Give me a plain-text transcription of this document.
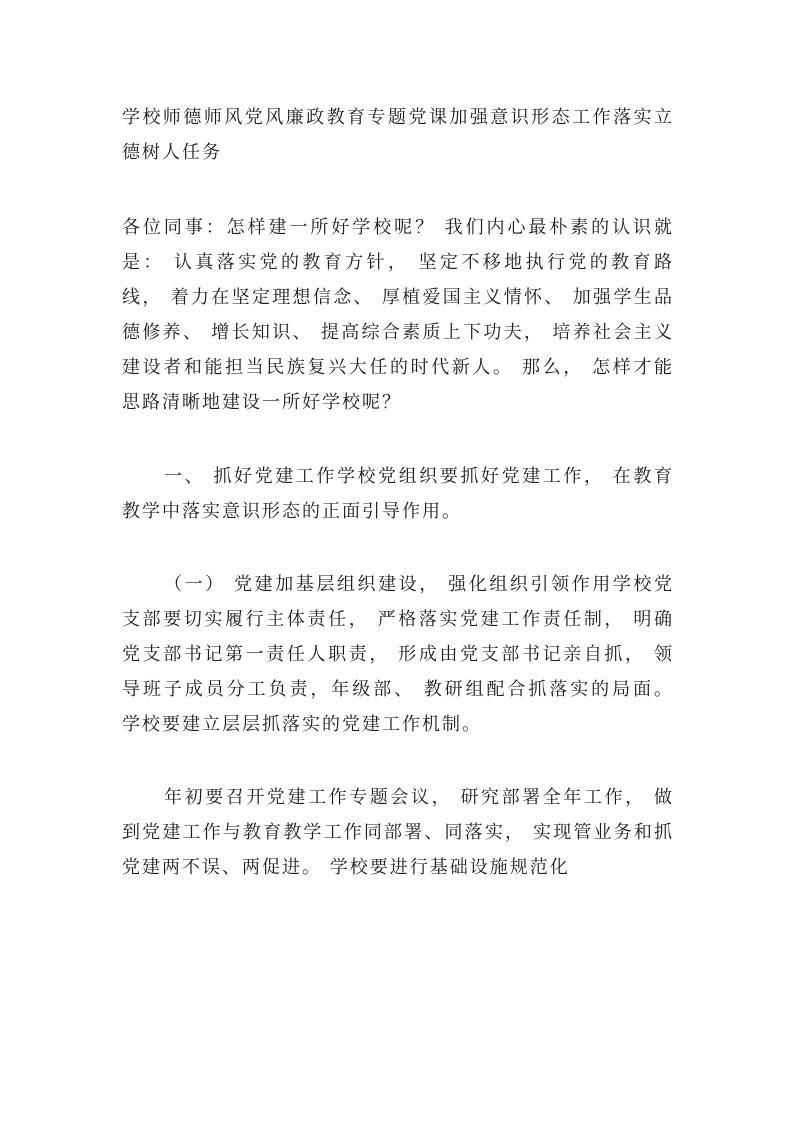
学校师德师风党风廉政教育专题党课加强意识形态工作落实立德树人任务

各位同事：怎样建一所好学校呢？ 我们内心最朴素的认识就是： 认真落实党的教育方针， 坚定不移地执行党的教育路线， 着力在坚定理想信念、 厚植爱国主义情怀、 加强学生品德修养、 增长知识、 提高综合素质上下功夫， 培养社会主义建设者和能担当民族复兴大任的时代新人。 那么， 怎样才能思路清晰地建设一所好学校呢？

一、 抓好党建工作学校党组织要抓好党建工作， 在教育教学中落实意识形态的正面引导作用。

（一） 党建加基层组织建设， 强化组织引领作用学校党支部要切实履行主体责任， 严格落实党建工作责任制， 明确党支部书记第一责任人职责， 形成由党支部书记亲自抓， 领导班子成员分工负责，年级部、 教研组配合抓落实的局面。 学校要建立层层抓落实的党建工作机制。

年初要召开党建工作专题会议， 研究部署全年工作， 做到党建工作与教育教学工作同部署、同落实， 实现管业务和抓党建两不误、两促进。 学校要进行基础设施规范化
